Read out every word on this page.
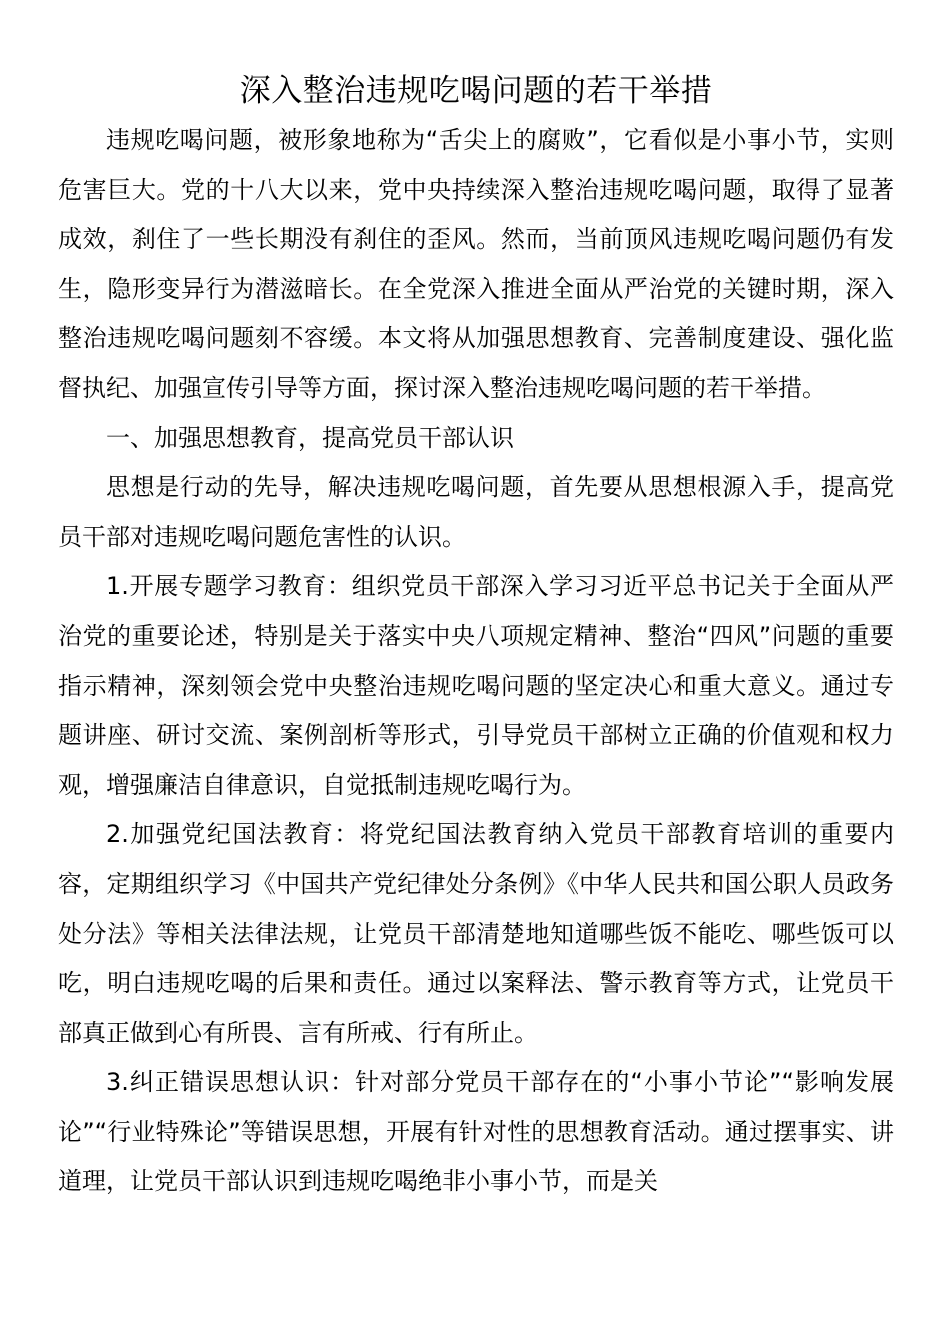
深入整治违规吃喝问题的若干举措

违规吃喝问题，被形象地称为“舌尖上的腐败”，它看似是小事小节，实则危害巨大。党的十八大以来，党中央持续深入整治违规吃喝问题，取得了显著成效，刹住了一些长期没有刹住的歪风。然而，当前顶风违规吃喝问题仍有发生，隐形变异行为潜滋暗长。在全党深入推进全面从严治党的关键时期，深入整治违规吃喝问题刻不容缓。本文将从加强思想教育、完善制度建设、强化监督执纪、加强宣传引导等方面，探讨深入整治违规吃喝问题的若干举措。

一、加强思想教育，提高党员干部认识

思想是行动的先导，解决违规吃喝问题，首先要从思想根源入手，提高党员干部对违规吃喝问题危害性的认识。

1.开展专题学习教育：组织党员干部深入学习习近平总书记关于全面从严治党的重要论述，特别是关于落实中央八项规定精神、整治“四风”问题的重要指示精神，深刻领会党中央整治违规吃喝问题的坚定决心和重大意义。通过专题讲座、研讨交流、案例剖析等形式，引导党员干部树立正确的价值观和权力观，增强廉洁自律意识，自觉抵制违规吃喝行为。

2.加强党纪国法教育：将党纪国法教育纳入党员干部教育培训的重要内容，定期组织学习《中国共产党纪律处分条例》《中华人民共和国公职人员政务处分法》等相关法律法规，让党员干部清楚地知道哪些饭不能吃、哪些饭可以吃，明白违规吃喝的后果和责任。通过以案释法、警示教育等方式，让党员干部真正做到心有所畏、言有所戒、行有所止。

3.纠正错误思想认识：针对部分党员干部存在的“小事小节论”“影响发展论”“行业特殊论”等错误思想，开展有针对性的思想教育活动。通过摆事实、讲道理，让党员干部认识到违规吃喝绝非小事小节，而是关
